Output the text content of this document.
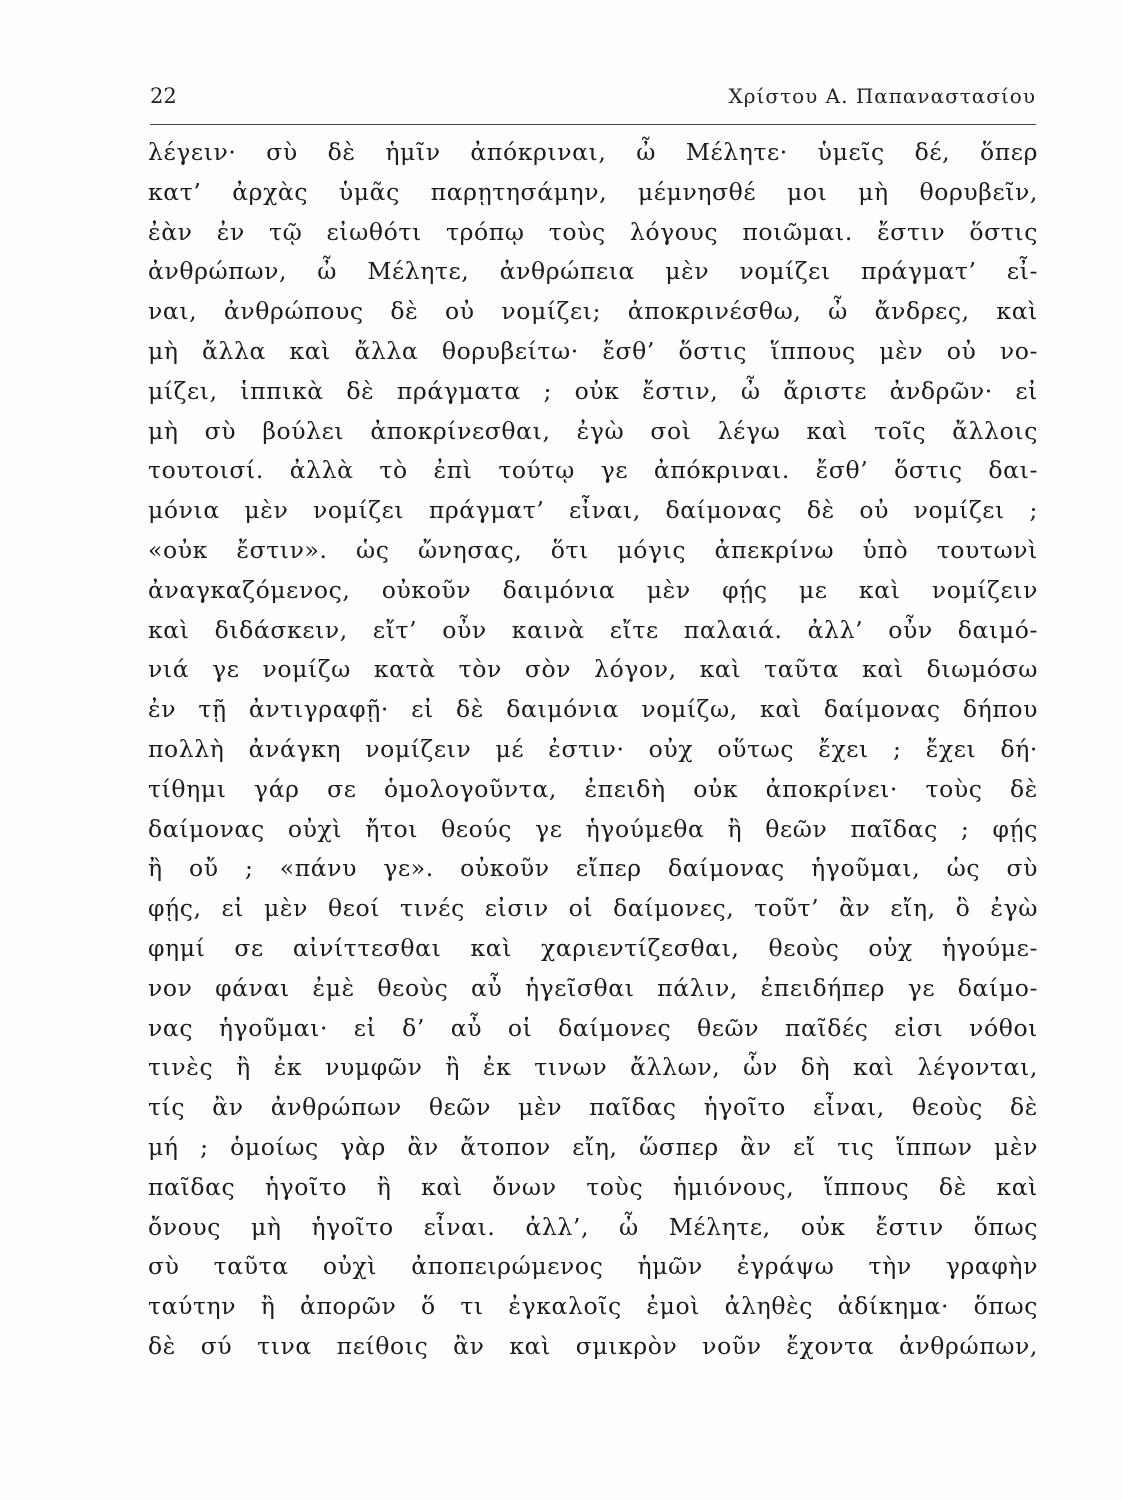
22	Χρίστου Α. Παπαναστασίου
λέγειν· σὺ δὲ ἡμῖν ἀπόκριναι, ὦ Μέλητε· ὑμεῖς δέ, ὅπερ
κατ’ ἀρχὰς ὑμᾶς παρῃτησάμην, μέμνησθέ μοι μὴ θορυβεῖν,
ἐὰν ἐν τῷ εἰωθότι τρόπῳ τοὺς λόγους ποιῶμαι. ἔστιν ὅστις
ἀνθρώπων, ὦ Μέλητε, ἀνθρώπεια μὲν νομίζει πράγματ’ εἶ-
ναι, ἀνθρώπους δὲ οὐ νομίζει; ἀποκρινέσθω, ὦ ἄνδρες, καὶ
μὴ ἄλλα καὶ ἄλλα θορυβείτω· ἔσθ’ ὅστις ἵππους μὲν οὐ νο-
μίζει, ἱππικὰ δὲ πράγματα ; οὐκ ἔστιν, ὦ ἄριστε ἀνδρῶν· εἰ
μὴ σὺ βούλει ἀποκρίνεσθαι, ἐγὼ σοὶ λέγω καὶ τοῖς ἄλλοις
τουτοισί. ἀλλὰ τὸ ἐπὶ τούτῳ γε ἀπόκριναι. ἔσθ’ ὅστις δαι-
μόνια μὲν νομίζει πράγματ’ εἶναι, δαίμονας δὲ οὐ νομίζει ;
«οὐκ ἔστιν». ὡς ὤνησας, ὅτι μόγις ἀπεκρίνω ὑπὸ τουτωνὶ
ἀναγκαζόμενος, οὐκοῦν δαιμόνια μὲν φῄς με καὶ νομίζειν
καὶ διδάσκειν, εἴτ’ οὖν καινὰ εἴτε παλαιά. ἀλλ’ οὖν δαιμό-
νιά γε νομίζω κατὰ τὸν σὸν λόγον, καὶ ταῦτα καὶ διωμόσω
ἐν τῇ ἀντιγραφῇ· εἰ δὲ δαιμόνια νομίζω, καὶ δαίμονας δήπου
πολλὴ ἀνάγκη νομίζειν μέ ἐστιν· οὐχ οὕτως ἔχει ; ἔχει δή·
τίθημι γάρ σε ὁμολογοῦντα, ἐπειδὴ οὐκ ἀποκρίνει· τοὺς δὲ
δαίμονας οὐχὶ ἤτοι θεούς γε ἡγούμεθα ἢ θεῶν παῖδας ; φῄς
ἢ οὔ ; «πάνυ γε». οὐκοῦν εἴπερ δαίμονας ἡγοῦμαι, ὡς σὺ
φῄς, εἰ μὲν θεοί τινές εἰσιν οἱ δαίμονες, τοῦτ’ ἂν εἴη, ὃ ἐγὼ
φημί σε αἰνίττεσθαι καὶ χαριεντίζεσθαι, θεοὺς οὐχ ἡγούμε-
νον φάναι ἐμὲ θεοὺς αὖ ἡγεῖσθαι πάλιν, ἐπειδήπερ γε δαίμο-
νας ἡγοῦμαι· εἰ δ’ αὖ οἱ δαίμονες θεῶν παῖδές εἰσι νόθοι
τινὲς ἢ ἐκ νυμφῶν ἢ ἐκ τινων ἄλλων, ὧν δὴ καὶ λέγονται,
τίς ἂν ἀνθρώπων θεῶν μὲν παῖδας ἡγοῖτο εἶναι, θεοὺς δὲ
μή ; ὁμοίως γὰρ ἂν ἄτοπον εἴη, ὥσπερ ἂν εἴ τις ἵππων μὲν
παῖδας ἡγοῖτο ἢ καὶ ὄνων τοὺς ἡμιόνους, ἵππους δὲ καὶ
ὄνους μὴ ἡγοῖτο εἶναι. ἀλλ’, ὦ Μέλητε, οὐκ ἔστιν ὅπως
σὺ ταῦτα οὐχὶ ἀποπειρώμενος ἡμῶν ἐγράψω τὴν γραφὴν
ταύτην ἢ ἀπορῶν ὅ τι ἐγκαλοῖς ἐμοὶ ἀληθὲς ἀδίκημα· ὅπως
δὲ σύ τινα πείθοις ἂν καὶ σμικρὸν νοῦν ἔχοντα ἀνθρώπων,
